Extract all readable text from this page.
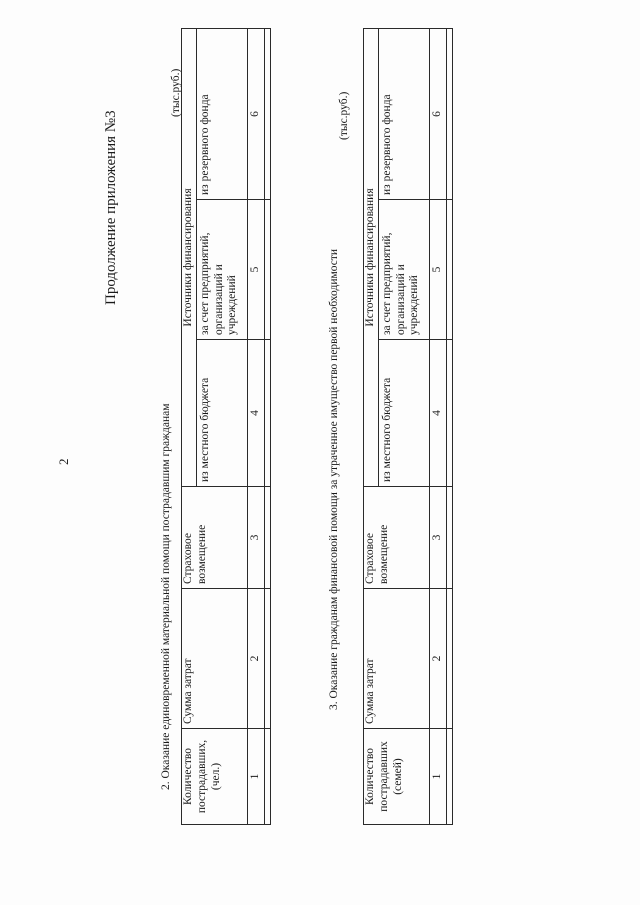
2
Продолжение приложения №3
2. Оказание единовременной материальной помощи пострадавшим гражданам
(тыс.руб.)
Количество пострадавших, (чел.)	Сумма затрат	Страховое возмещение	Источники финансирования		
			из местного бюджета	за счет предприятий, организаций и учреждений	из резервного фонда
1	2	3	4	5	6

3. Оказание гражданам финансовой помощи за утраченное имущество первой необходимости
(тыс.руб.)
Количество пострадавших (семей)	Сумма затрат	Страховое возмещение	Источники финансирования		
			из местного бюджета	за счет предприятий, организаций и учреждений	из резервного фонда
1	2	3	4	5	6
